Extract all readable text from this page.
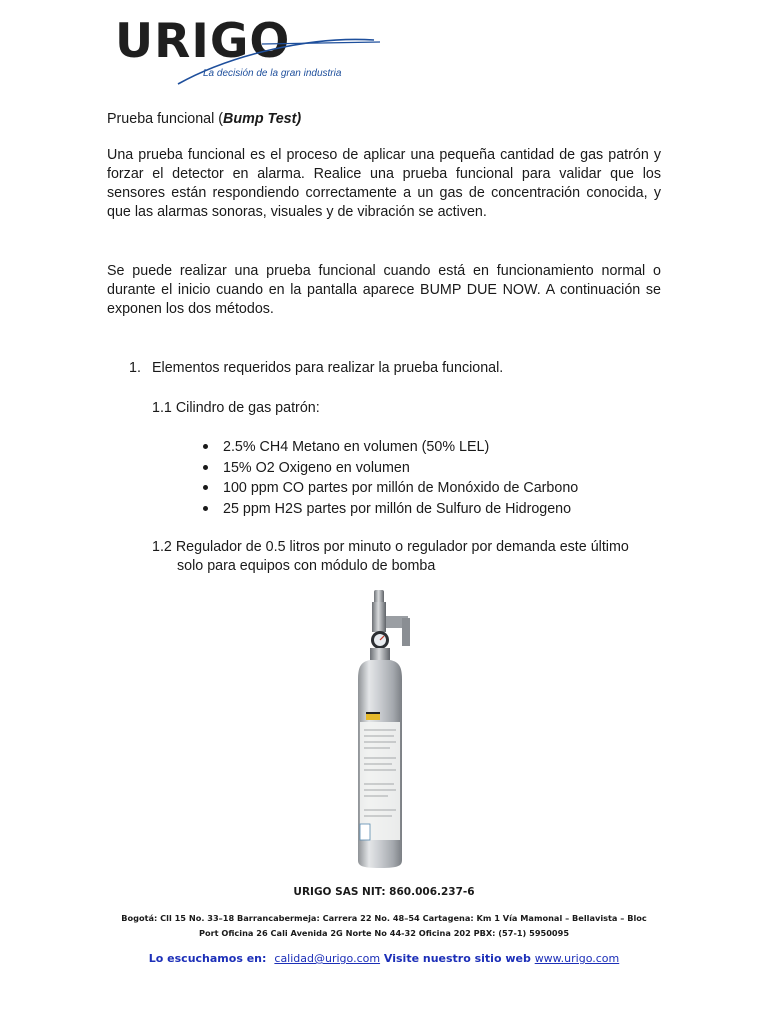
URIGO
La decisión de la gran industria
Prueba funcional (Bump Test)
Una prueba funcional es el proceso de aplicar una pequeña cantidad de gas patrón y forzar el detector en alarma. Realice una prueba funcional para validar que los sensores están respondiendo correctamente a un gas de concentración conocida, y que las alarmas sonoras, visuales y de vibración se activen.
Se puede realizar una prueba funcional cuando está en funcionamiento normal o durante el inicio cuando en la pantalla aparece BUMP DUE NOW. A continuación se exponen los dos métodos.
1. Elementos requeridos para realizar la prueba funcional.
1.1 Cilindro de gas patrón:
2.5% CH4 Metano en volumen (50% LEL)
15% O2 Oxigeno en volumen
100 ppm CO partes por millón de Monóxido de Carbono
25 ppm H2S partes por millón de Sulfuro de Hidrogeno
1.2 Regulador de 0.5 litros por minuto o regulador por demanda este último
solo para equipos con módulo de bomba
URIGO SAS NIT: 860.006.237-6
Bogotá: Cll 15 No. 33–18 Barrancabermeja: Carrera 22 No. 48–54 Cartagena: Km 1 Vía Mamonal – Bellavista – Bloc
Port Oficina 26 Cali Avenida 2G Norte No 44-32 Oficina 202 PBX: (57-1) 5950095
Lo escuchamos en: calidad@urigo.com Visite nuestro sitio web www.urigo.com
